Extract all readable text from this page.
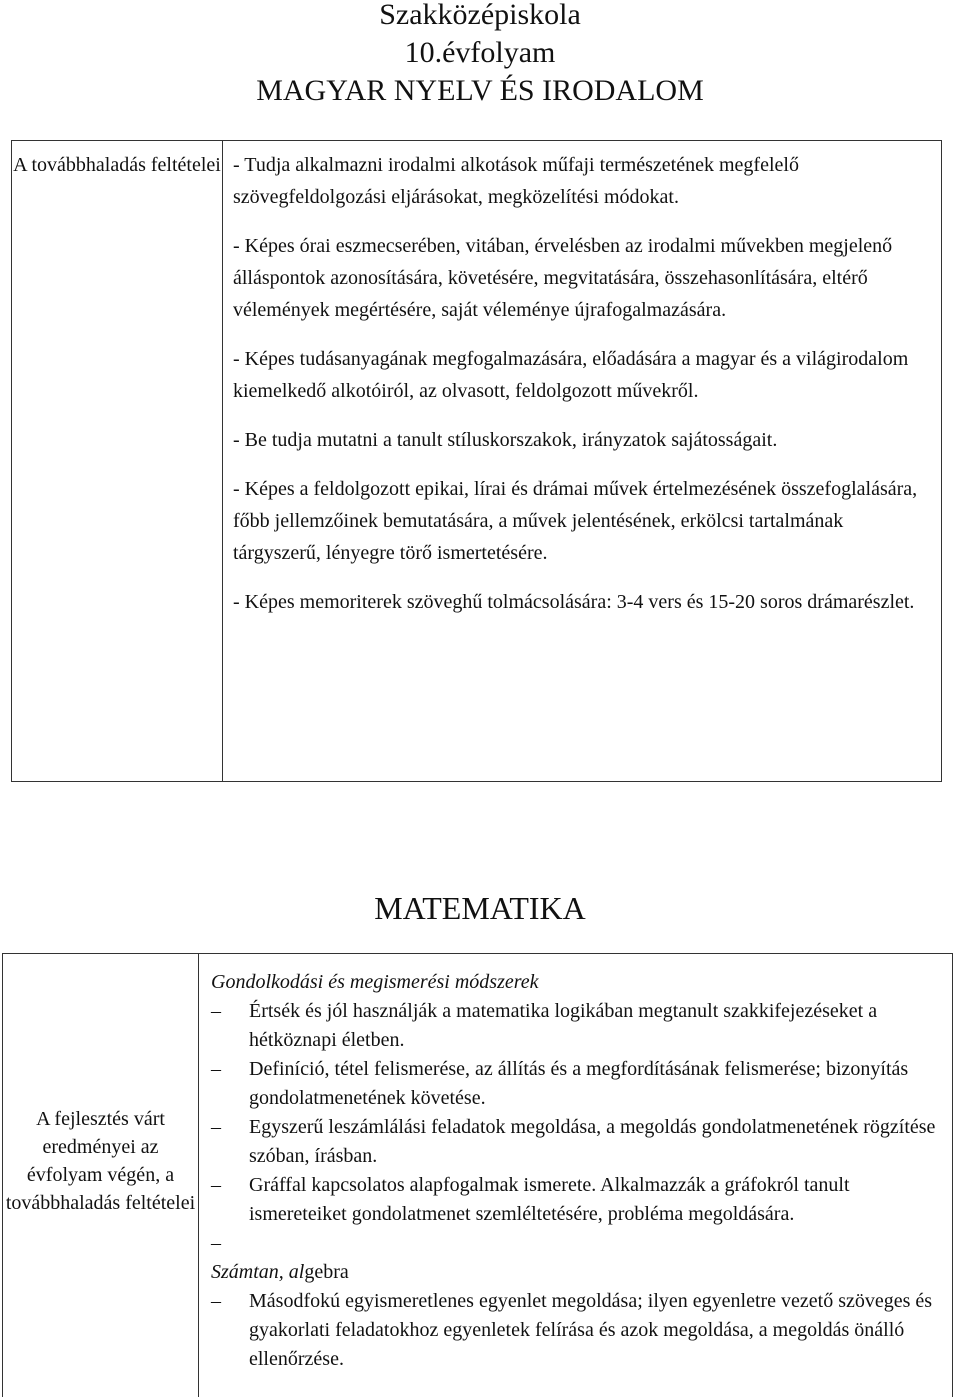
Szakközépiskola
10.évfolyam
MAGYAR NYELV ÉS IRODALOM
A továbbhaladás feltételei - Tudja alkalmazni irodalmi alkotások műfaji természetének megfelelő szövegfeldolgozási eljárásokat, megközelítési módokat.

- Képes órai eszmecserében, vitában, érvelésben az irodalmi művekben megjelenő álláspontok azonosítására, követésére, megvitatására, összehasonlítására, eltérő vélemények megértésére, saját véleménye újrafogalmazására.

- Képes tudásanyagának megfogalmazására, előadására a magyar és a világirodalom kiemelkedő alkotóiról, az olvasott, feldolgozott művekről.

- Be tudja mutatni a tanult stíluskorszakok, irányzatok sajátosságait.

- Képes a feldolgozott epikai, lírai és drámai művek értelmezésének összefoglalására, főbb jellemzőinek bemutatására, a művek jelentésének, erkölcsi tartalmának tárgyszerű, lényegre törő ismertetésére.

- Képes memoriterek szöveghű tolmácsolására: 3-4 vers és 15-20 soros drámarészlet.

MATEMATIKA
A fejlesztés várt eredményei az évfolyam végén, a továbbhaladás feltételei
Gondolkodási és megismerési módszerek
– Értsék és jól használják a matematika logikában megtanult szakkifejezéseket a hétköznapi életben.
– Definíció, tétel felismerése, az állítás és a megfordításának felismerése; bizonyítás gondolatmenetének követése.
– Egyszerű leszámlálási feladatok megoldása, a megoldás gondolatmenetének rögzítése szóban, írásban.
– Gráffal kapcsolatos alapfogalmak ismerete. Alkalmazzák a gráfokról tanult ismereteiket gondolatmenet szemléltetésére, probléma megoldására.
–
Számtan, algebra
– Másodfokú egyismeretlenes egyenlet megoldása; ilyen egyenletre vezető szöveges és gyakorlati feladatokhoz egyenletek felírása és azok megoldása, a megoldás önálló ellenőrzése.
